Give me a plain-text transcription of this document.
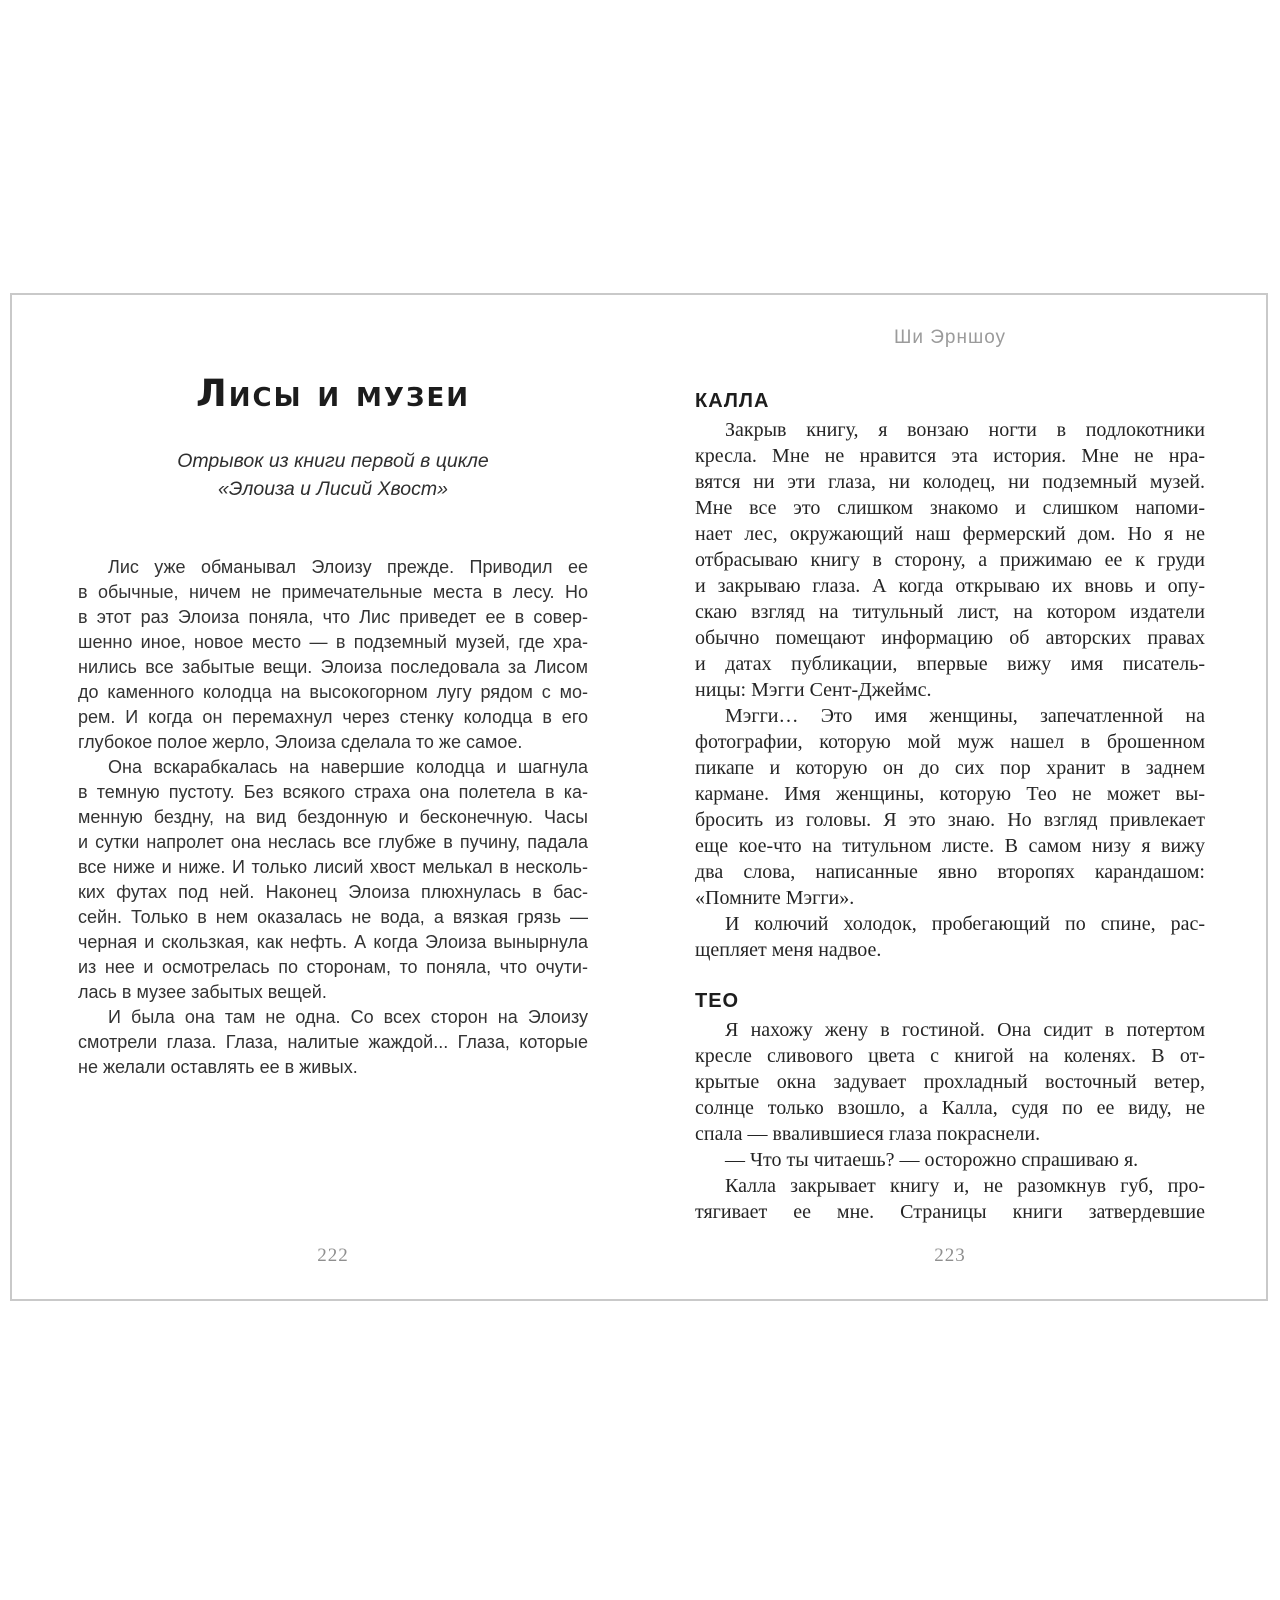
Лисы и музеи
Отрывок из книги первой в цикле
«Элоиза и Лисий Хвост»
Лис уже обманывал Элоизу прежде. Приводил ее
в обычные, ничем не примечательные места в лесу. Но
в этот раз Элоиза поняла, что Лис приведет ее в совер-
шенно иное, новое место — в подземный музей, где хра-
нились все забытые вещи. Элоиза последовала за Лисом
до каменного колодца на высокогорном лугу рядом с мо-
рем. И когда он перемахнул через стенку колодца в его
глубокое полое жерло, Элоиза сделала то же самое.
Она вскарабкалась на навершие колодца и шагнула
в темную пустоту. Без всякого страха она полетела в ка-
менную бездну, на вид бездонную и бесконечную. Часы
и сутки напролет она неслась все глубже в пучину, падала
все ниже и ниже. И только лисий хвост мелькал в несколь-
ких футах под ней. Наконец Элоиза плюхнулась в бас-
сейн. Только в нем оказалась не вода, а вязкая грязь —
черная и скользкая, как нефть. А когда Элоиза вынырнула
из нее и осмотрелась по сторонам, то поняла, что очути-
лась в музее забытых вещей.
И была она там не одна. Со всех сторон на Элоизу
смотрели глаза. Глаза, налитые жаждой... Глаза, которые
не желали оставлять ее в живых.
222
Ши Эрншоу
КАЛЛА
Закрыв книгу, я вонзаю ногти в подлокотники
кресла. Мне не нравится эта история. Мне не нра-
вятся ни эти глаза, ни колодец, ни подземный музей.
Мне все это слишком знакомо и слишком напоми-
нает лес, окружающий наш фермерский дом. Но я не
отбрасываю книгу в сторону, а прижимаю ее к груди
и закрываю глаза. А когда открываю их вновь и опу-
скаю взгляд на титульный лист, на котором издатели
обычно помещают информацию об авторских правах
и датах публикации, впервые вижу имя писатель-
ницы: Мэгги Сент-Джеймс.
Мэгги… Это имя женщины, запечатленной на
фотографии, которую мой муж нашел в брошенном
пикапе и которую он до сих пор хранит в заднем
кармане. Имя женщины, которую Тео не может вы-
бросить из головы. Я это знаю. Но взгляд привлекает
еще кое-что на титульном листе. В самом низу я вижу
два слова, написанные явно второпях карандашом:
«Помните Мэгги».
И колючий холодок, пробегающий по спине, рас-
щепляет меня надвое.
ТЕО
Я нахожу жену в гостиной. Она сидит в потертом
кресле сливового цвета с книгой на коленях. В от-
крытые окна задувает прохладный восточный ветер,
солнце только взошло, а Калла, судя по ее виду, не
спала — ввалившиеся глаза покраснели.
— Что ты читаешь? — осторожно спрашиваю я.
Калла закрывает книгу и, не разомкнув губ, про-
тягивает ее мне. Страницы книги затвердевшие
223
